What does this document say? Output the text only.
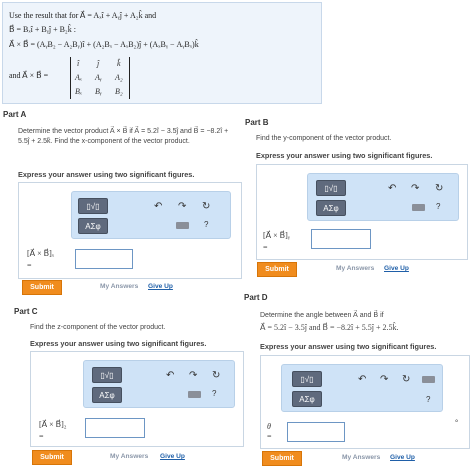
Use the result that for A⃗ = Aₓî + Aᵧĵ + A₂k̂ and
B⃗ = Bₓî + Bᵧĵ + B₂k̂ :
A⃗ × B⃗ = (AᵧB₂ − A₂Bᵧ)î + (A₂Bₓ − AₓB₂)ĵ + (AₓBᵧ − AᵧBₓ)k̂
and A⃗ × B⃗ =
î ĵ k̂
Aₓ Aᵧ A₂
Bₓ Bᵧ B₂
Part A
Determine the vector product A⃗ × B⃗ if A⃗ = 5.2î − 3.5ĵ and B⃗ = −8.2î + 5.5ĵ + 2.5k̂. Find the x-component of the vector product.
Express your answer using two significant figures.
▯√▯
ΑΣφ
↶ ↷ ↻
?
[A⃗ × B⃗]ₓ
=
Submit	My Answers Give Up
Part B
Find the y-component of the vector product.
Express your answer using two significant figures.
▯√▯
ΑΣφ
↶ ↷ ↻
?
[A⃗ × B⃗]ᵧ
=
Submit	My Answers Give Up
Part C
Find the z-component of the vector product.
Express your answer using two significant figures.
▯√▯
ΑΣφ
↶ ↷ ↻
?
[A⃗ × B⃗]₂
=
Submit	My Answers Give Up
Part D
Determine the angle between A⃗ and B⃗ if
A⃗ = 5.2î − 3.5ĵ and B⃗ = −8.2î + 5.5ĵ + 2.5k̂.
Express your answer using two significant figures.
▯√▯
ΑΣφ
↶ ↷ ↻
?
θ
=
°
Submit	My Answers Give Up
